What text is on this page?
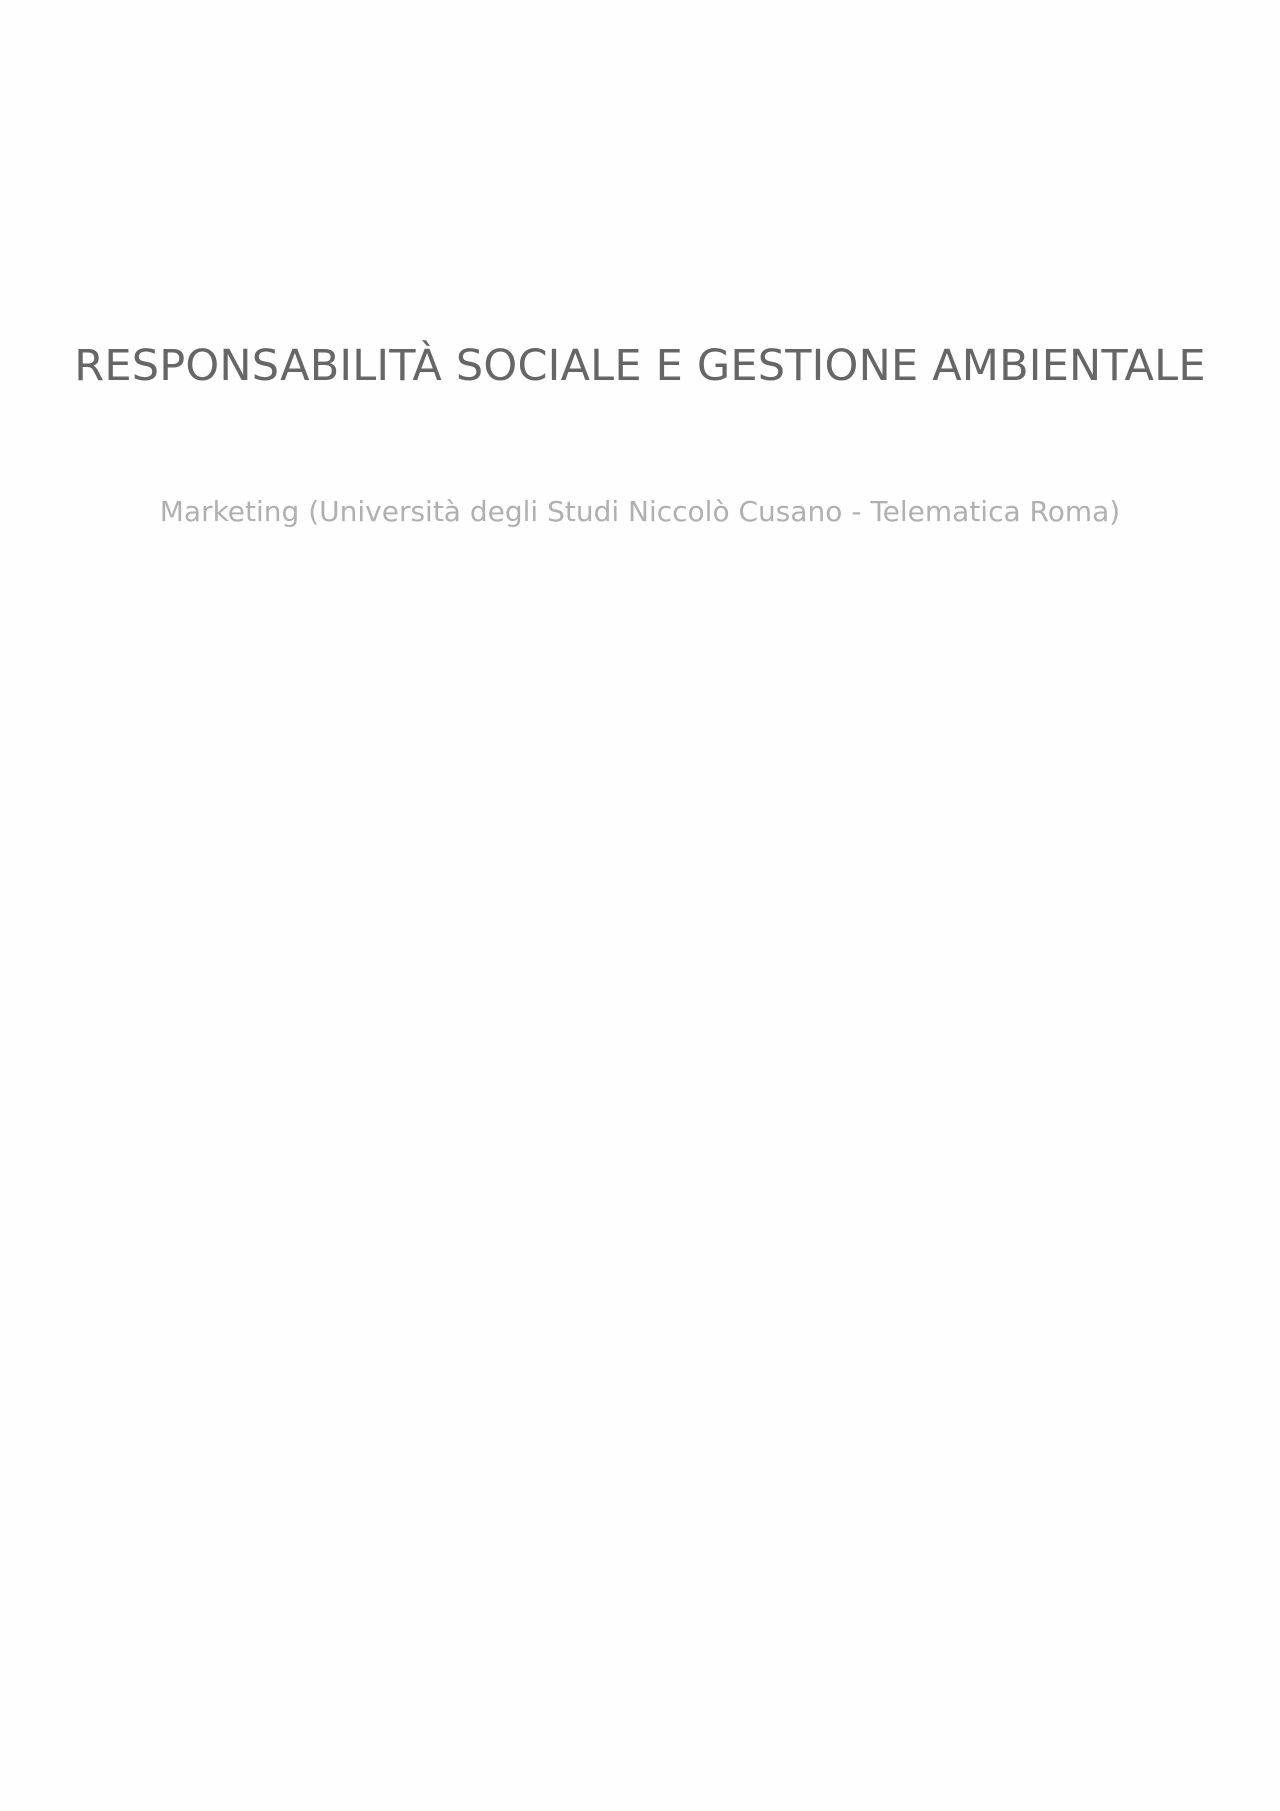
RESPONSABILITÀ SOCIALE E GESTIONE AMBIENTALE

Marketing (Università degli Studi Niccolò Cusano - Telematica Roma)
